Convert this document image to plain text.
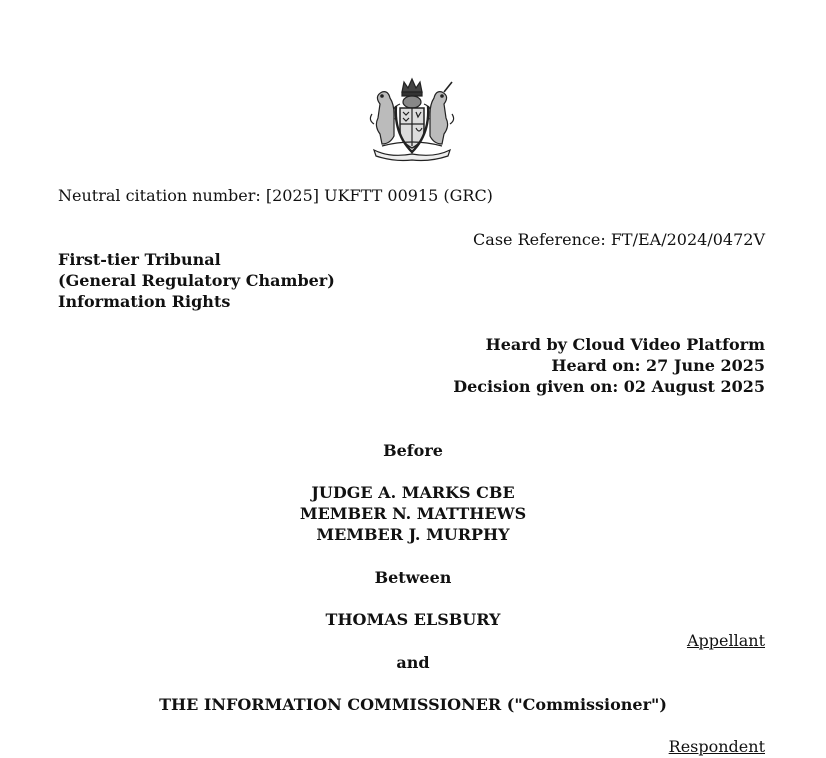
Neutral citation number: [2025] UKFTT 00915 (GRC)
Case Reference: FT/EA/2024/0472V
First-tier Tribunal
(General Regulatory Chamber)
Information Rights
Heard by Cloud Video Platform
Heard on: 27 June 2025
Decision given on: 02 August 2025
Before
JUDGE A. MARKS CBE
MEMBER N. MATTHEWS
MEMBER J. MURPHY
Between
THOMAS ELSBURY
Appellant
and
THE INFORMATION COMMISSIONER ("Commissioner")
Respondent
